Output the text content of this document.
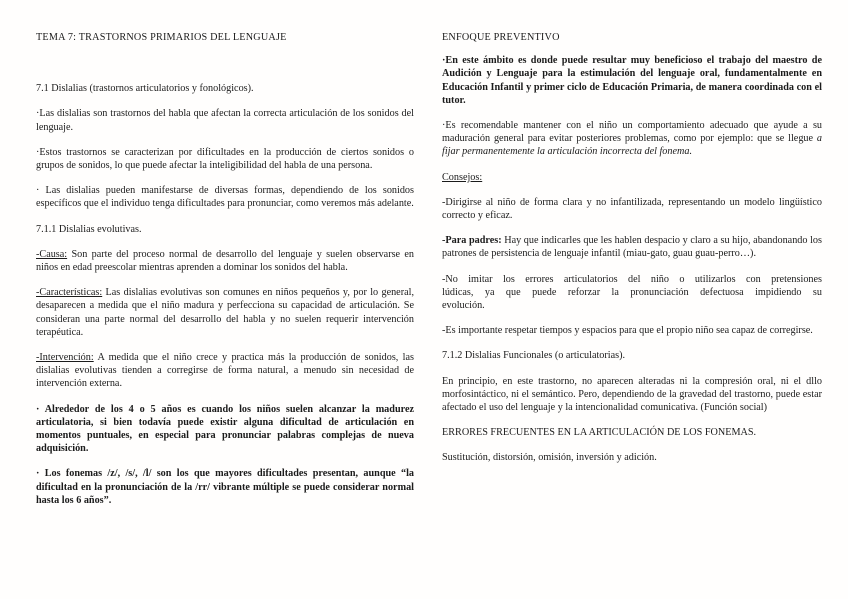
TEMA 7: TRASTORNOS PRIMARIOS DEL LENGUAJE

7.1 Dislalias (trastornos articulatorios y fonológicos).

·Las dislalias son trastornos del habla que afectan la correcta articulación de los sonidos del lenguaje.

·Estos trastornos se caracterizan por dificultades en la producción de ciertos sonidos o grupos de sonidos, lo que puede afectar la inteligibilidad del habla de una persona.

· Las dislalias pueden manifestarse de diversas formas, dependiendo de los sonidos específicos que el individuo tenga dificultades para pronunciar, como veremos más adelante.

7.1.1 Dislalias evolutivas.

-Causa: Son parte del proceso normal de desarrollo del lenguaje y suelen observarse en niños en edad preescolar mientras aprenden a dominar los sonidos del habla.

-Características: Las dislalias evolutivas son comunes en niños pequeños y, por lo general, desaparecen a medida que el niño madura y perfecciona su capacidad de articulación. Se consideran una parte normal del desarrollo del habla y no suelen requerir intervención terapéutica.

-Intervención: A medida que el niño crece y practica más la producción de sonidos, las dislalias evolutivas tienden a corregirse de forma natural, a menudo sin necesidad de intervención externa.

· Alrededor de los 4 o 5 años es cuando los niños suelen alcanzar la madurez articulatoria, si bien todavía puede existir alguna dificultad de articulación en momentos puntuales, en especial para pronunciar palabras complejas de nueva adquisición.

· Los fonemas /z/, /s/, /l/ son los que mayores dificultades presentan, aunque “la dificultad en la pronunciación de la /rr/ vibrante múltiple se puede considerar normal hasta los 6 años”.

ENFOQUE PREVENTIVO

·En este ámbito es donde puede resultar muy beneficioso el trabajo del maestro de Audición y Lenguaje para la estimulación del lenguaje oral, fundamentalmente en Educación Infantil y primer ciclo de Educación Primaria, de manera coordinada con el tutor.

·Es recomendable mantener con el niño un comportamiento adecuado que ayude a su maduración general para evitar posteriores problemas, como por ejemplo: que se llegue a fijar permanentemente la articulación incorrecta del fonema.

Consejos:

-Dirigirse al niño de forma clara y no infantilizada, representando un modelo lingüístico correcto y eficaz.

-Para padres: Hay que indicarles que les hablen despacio y claro a su hijo, abandonando los patrones de persistencia de lenguaje infantil (miau-gato, guau guau-perro…).

-No imitar los errores articulatorios del niño o utilizarlos con pretensiones lúdicas, ya que puede reforzar la pronunciación defectuosa impidiendo su evolución.

-Es importante respetar tiempos y espacios para que el propio niño sea capaz de corregirse.

7.1.2 Dislalias Funcionales (o articulatorias).

En principio, en este trastorno, no aparecen alteradas ni la compresión oral, ni el dllo morfosintáctico, ni el semántico. Pero, dependiendo de la gravedad del trastorno, puede estar afectado el uso del lenguaje y la intencionalidad comunicativa. (Función social)

ERRORES FRECUENTES EN LA ARTICULACIÓN DE LOS FONEMAS.

Sustitución, distorsión, omisión, inversión y adición.
